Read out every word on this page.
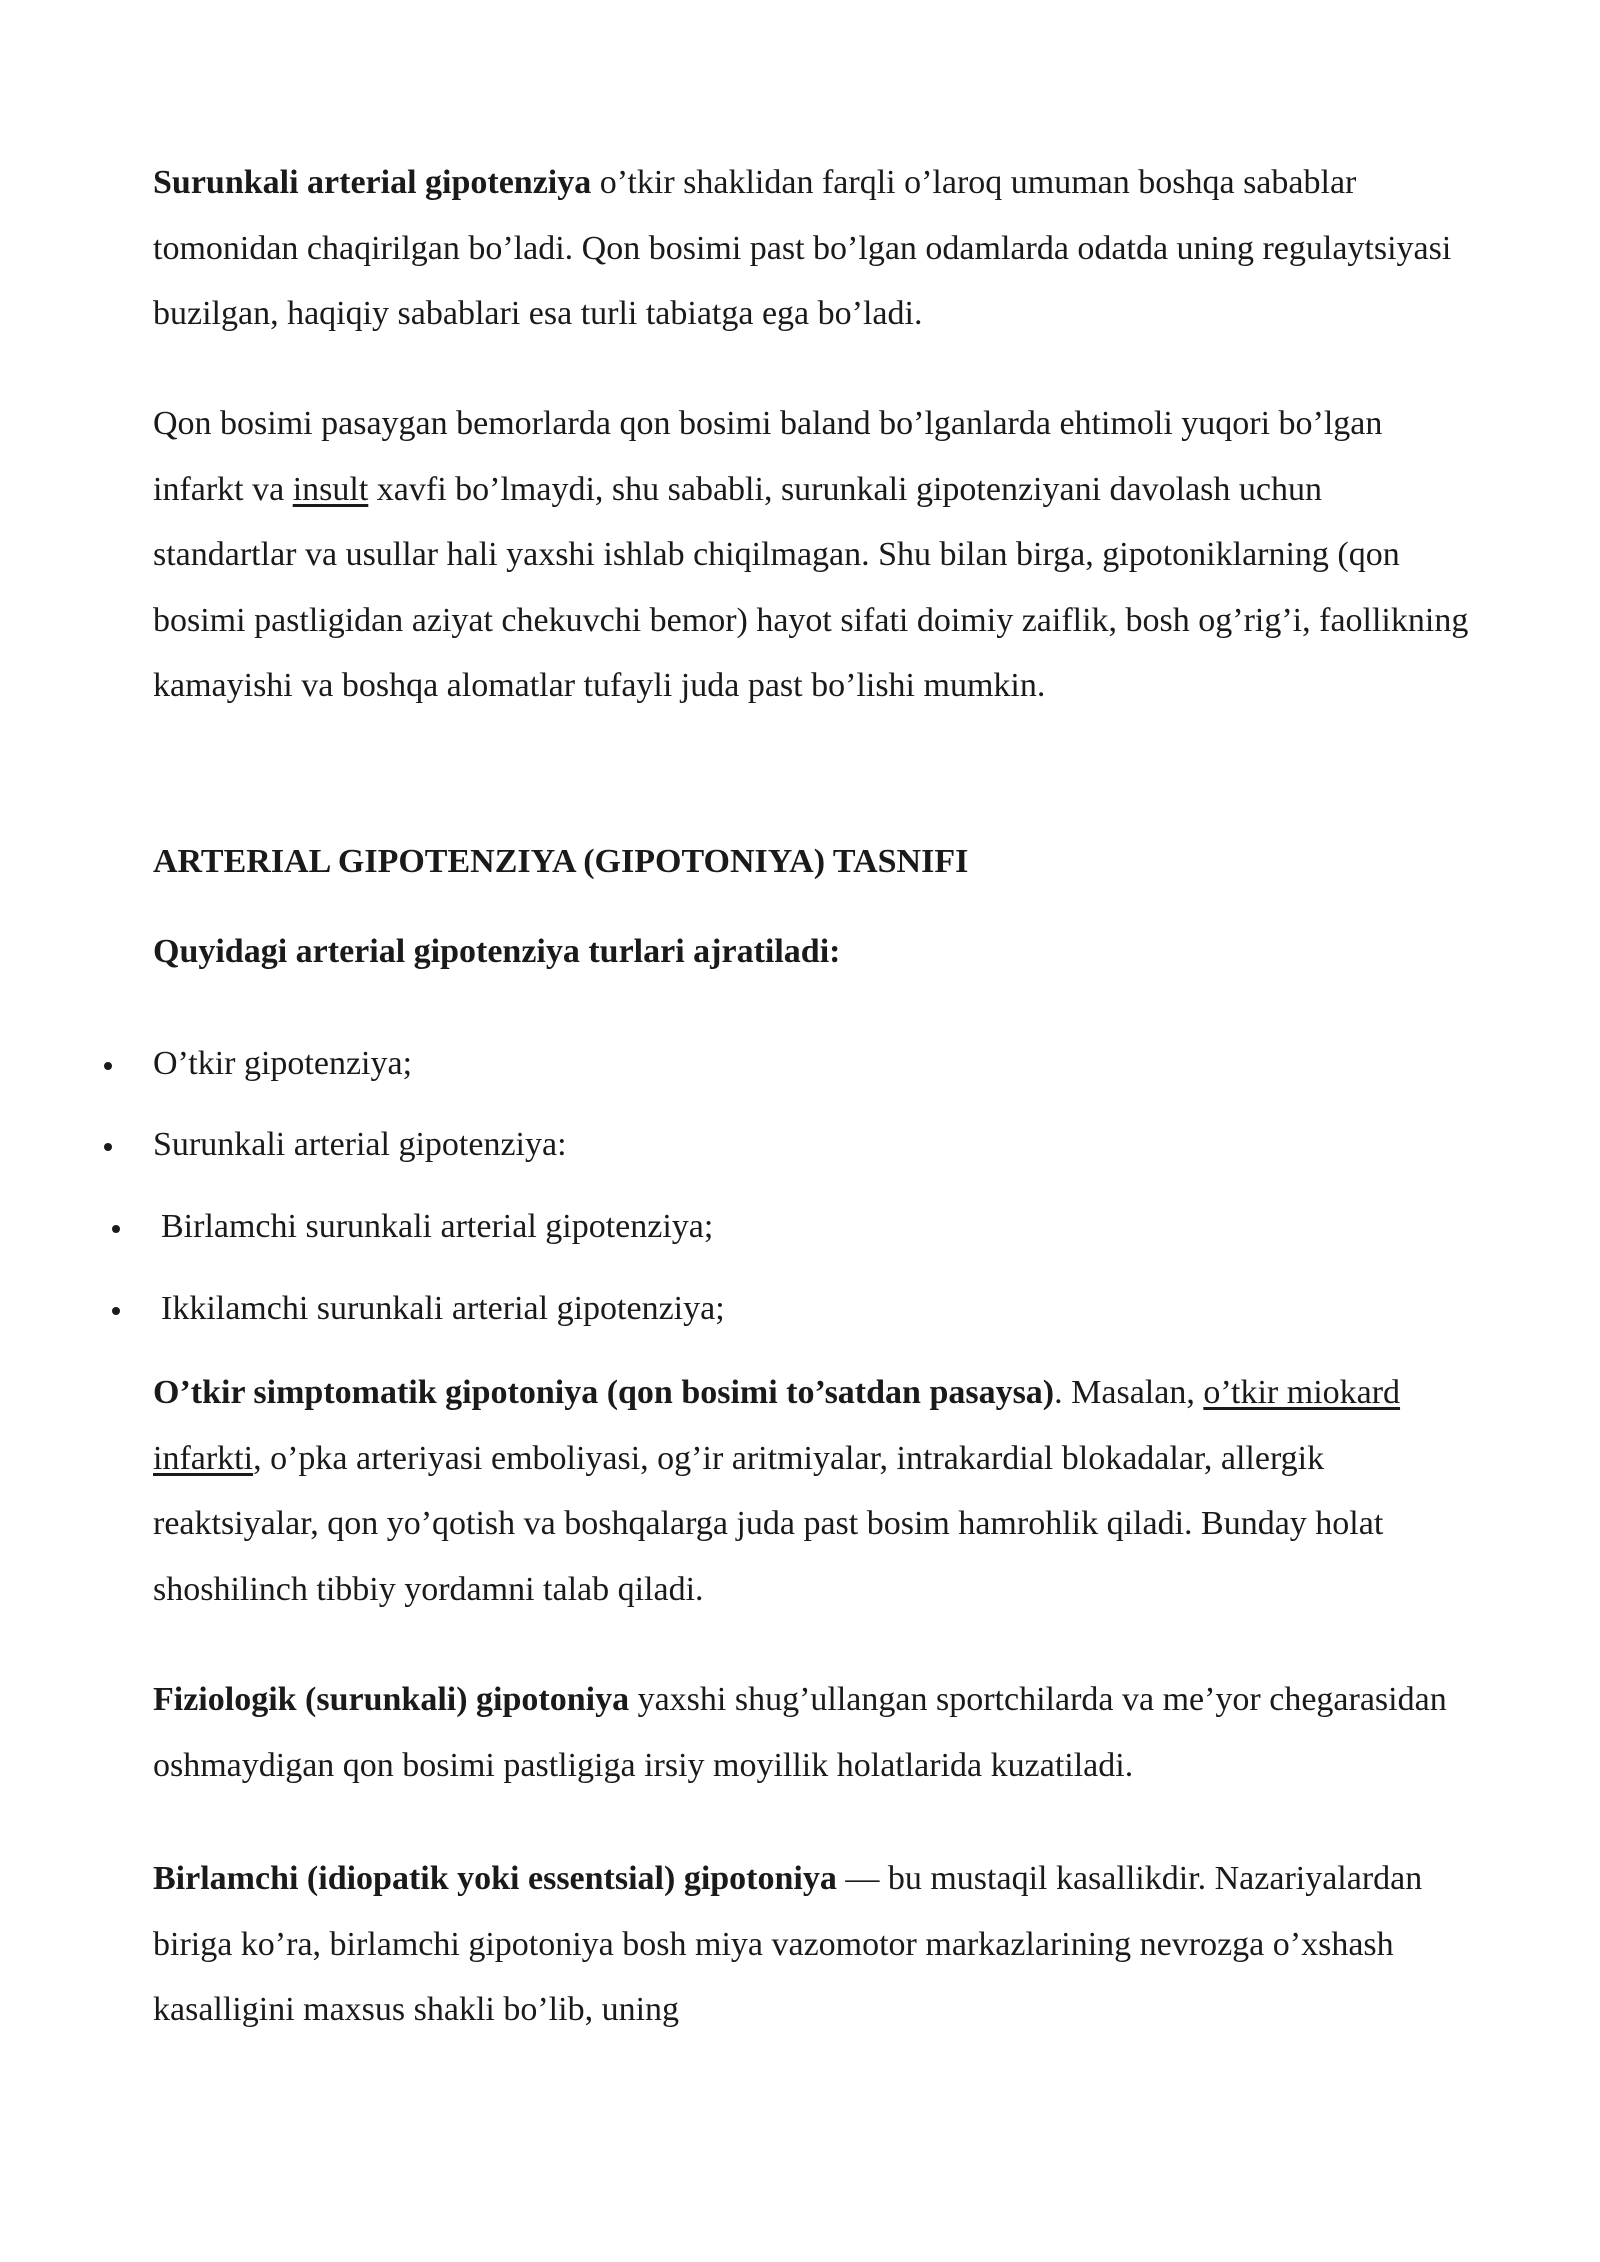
Surunkali arterial gipotenziya o’tkir shaklidan farqli o’laroq umuman boshqa sabablar tomonidan chaqirilgan bo’ladi. Qon bosimi past bo’lgan odamlarda odatda uning regulaytsiyasi buzilgan, haqiqiy sabablari esa turli tabiatga ega bo’ladi.

Qon bosimi pasaygan bemorlarda qon bosimi baland bo’lganlarda ehtimoli yuqori bo’lgan infarkt va insult xavfi bo’lmaydi, shu sababli, surunkali gipotenziyani davolash uchun standartlar va usullar hali yaxshi ishlab chiqilmagan. Shu bilan birga, gipotoniklarning (qon bosimi pastligidan aziyat chekuvchi bemor) hayot sifati doimiy zaiflik, bosh og’rig’i, faollikning kamayishi va boshqa alomatlar tufayli juda past bo’lishi mumkin.

ARTERIAL GIPOTENZIYA (GIPOTONIYA) TASNIFI
Quyidagi arterial gipotenziya turlari ajratiladi:
O’tkir gipotenziya;
Surunkali arterial gipotenziya:
Birlamchi surunkali arterial gipotenziya;
Ikkilamchi surunkali arterial gipotenziya;

O’tkir simptomatik gipotoniya (qon bosimi to’satdan pasaysa). Masalan, o’tkir miokard infarkti, o’pka arteriyasi emboliyasi, og’ir aritmiyalar, intrakardial blokadalar, allergik reaktsiyalar, qon yo’qotish va boshqalarga juda past bosim hamrohlik qiladi. Bunday holat shoshilinch tibbiy yordamni talab qiladi.

Fiziologik (surunkali) gipotoniya yaxshi shug’ullangan sportchilarda va me’yor chegarasidan oshmaydigan qon bosimi pastligiga irsiy moyillik holatlarida kuzatiladi.

Birlamchi (idiopatik yoki essentsial) gipotoniya — bu mustaqil kasallikdir. Nazariyalardan biriga ko’ra, birlamchi gipotoniya bosh miya vazomotor markazlarining nevrozga o’xshash kasalligini maxsus shakli bo’lib, uning
